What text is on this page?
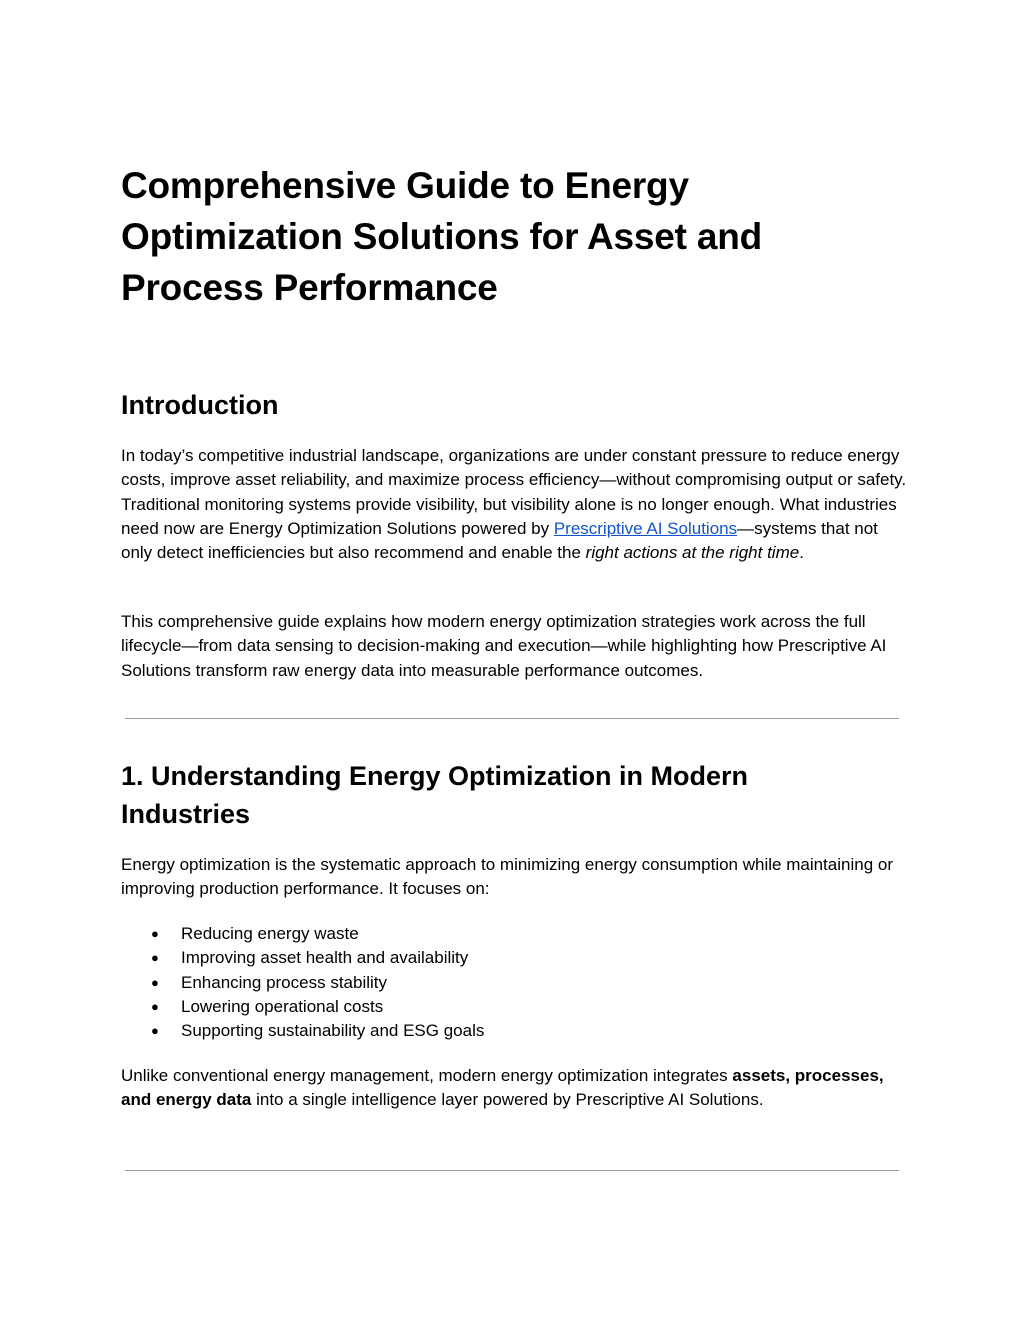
Comprehensive Guide to Energy Optimization Solutions for Asset and Process Performance
Introduction

In today’s competitive industrial landscape, organizations are under constant pressure to reduce energy costs, improve asset reliability, and maximize process efficiency—without compromising output or safety. Traditional monitoring systems provide visibility, but visibility alone is no longer enough. What industries need now are Energy Optimization Solutions powered by Prescriptive AI Solutions—systems that not only detect inefficiencies but also recommend and enable the right actions at the right time.

This comprehensive guide explains how modern energy optimization strategies work across the full lifecycle—from data sensing to decision-making and execution—while highlighting how Prescriptive AI Solutions transform raw energy data into measurable performance outcomes.

1. Understanding Energy Optimization in Modern Industries

Energy optimization is the systematic approach to minimizing energy consumption while maintaining or improving production performance. It focuses on:

● Reducing energy waste
● Improving asset health and availability
● Enhancing process stability
● Lowering operational costs
● Supporting sustainability and ESG goals

Unlike conventional energy management, modern energy optimization integrates assets, processes, and energy data into a single intelligence layer powered by Prescriptive AI Solutions.
